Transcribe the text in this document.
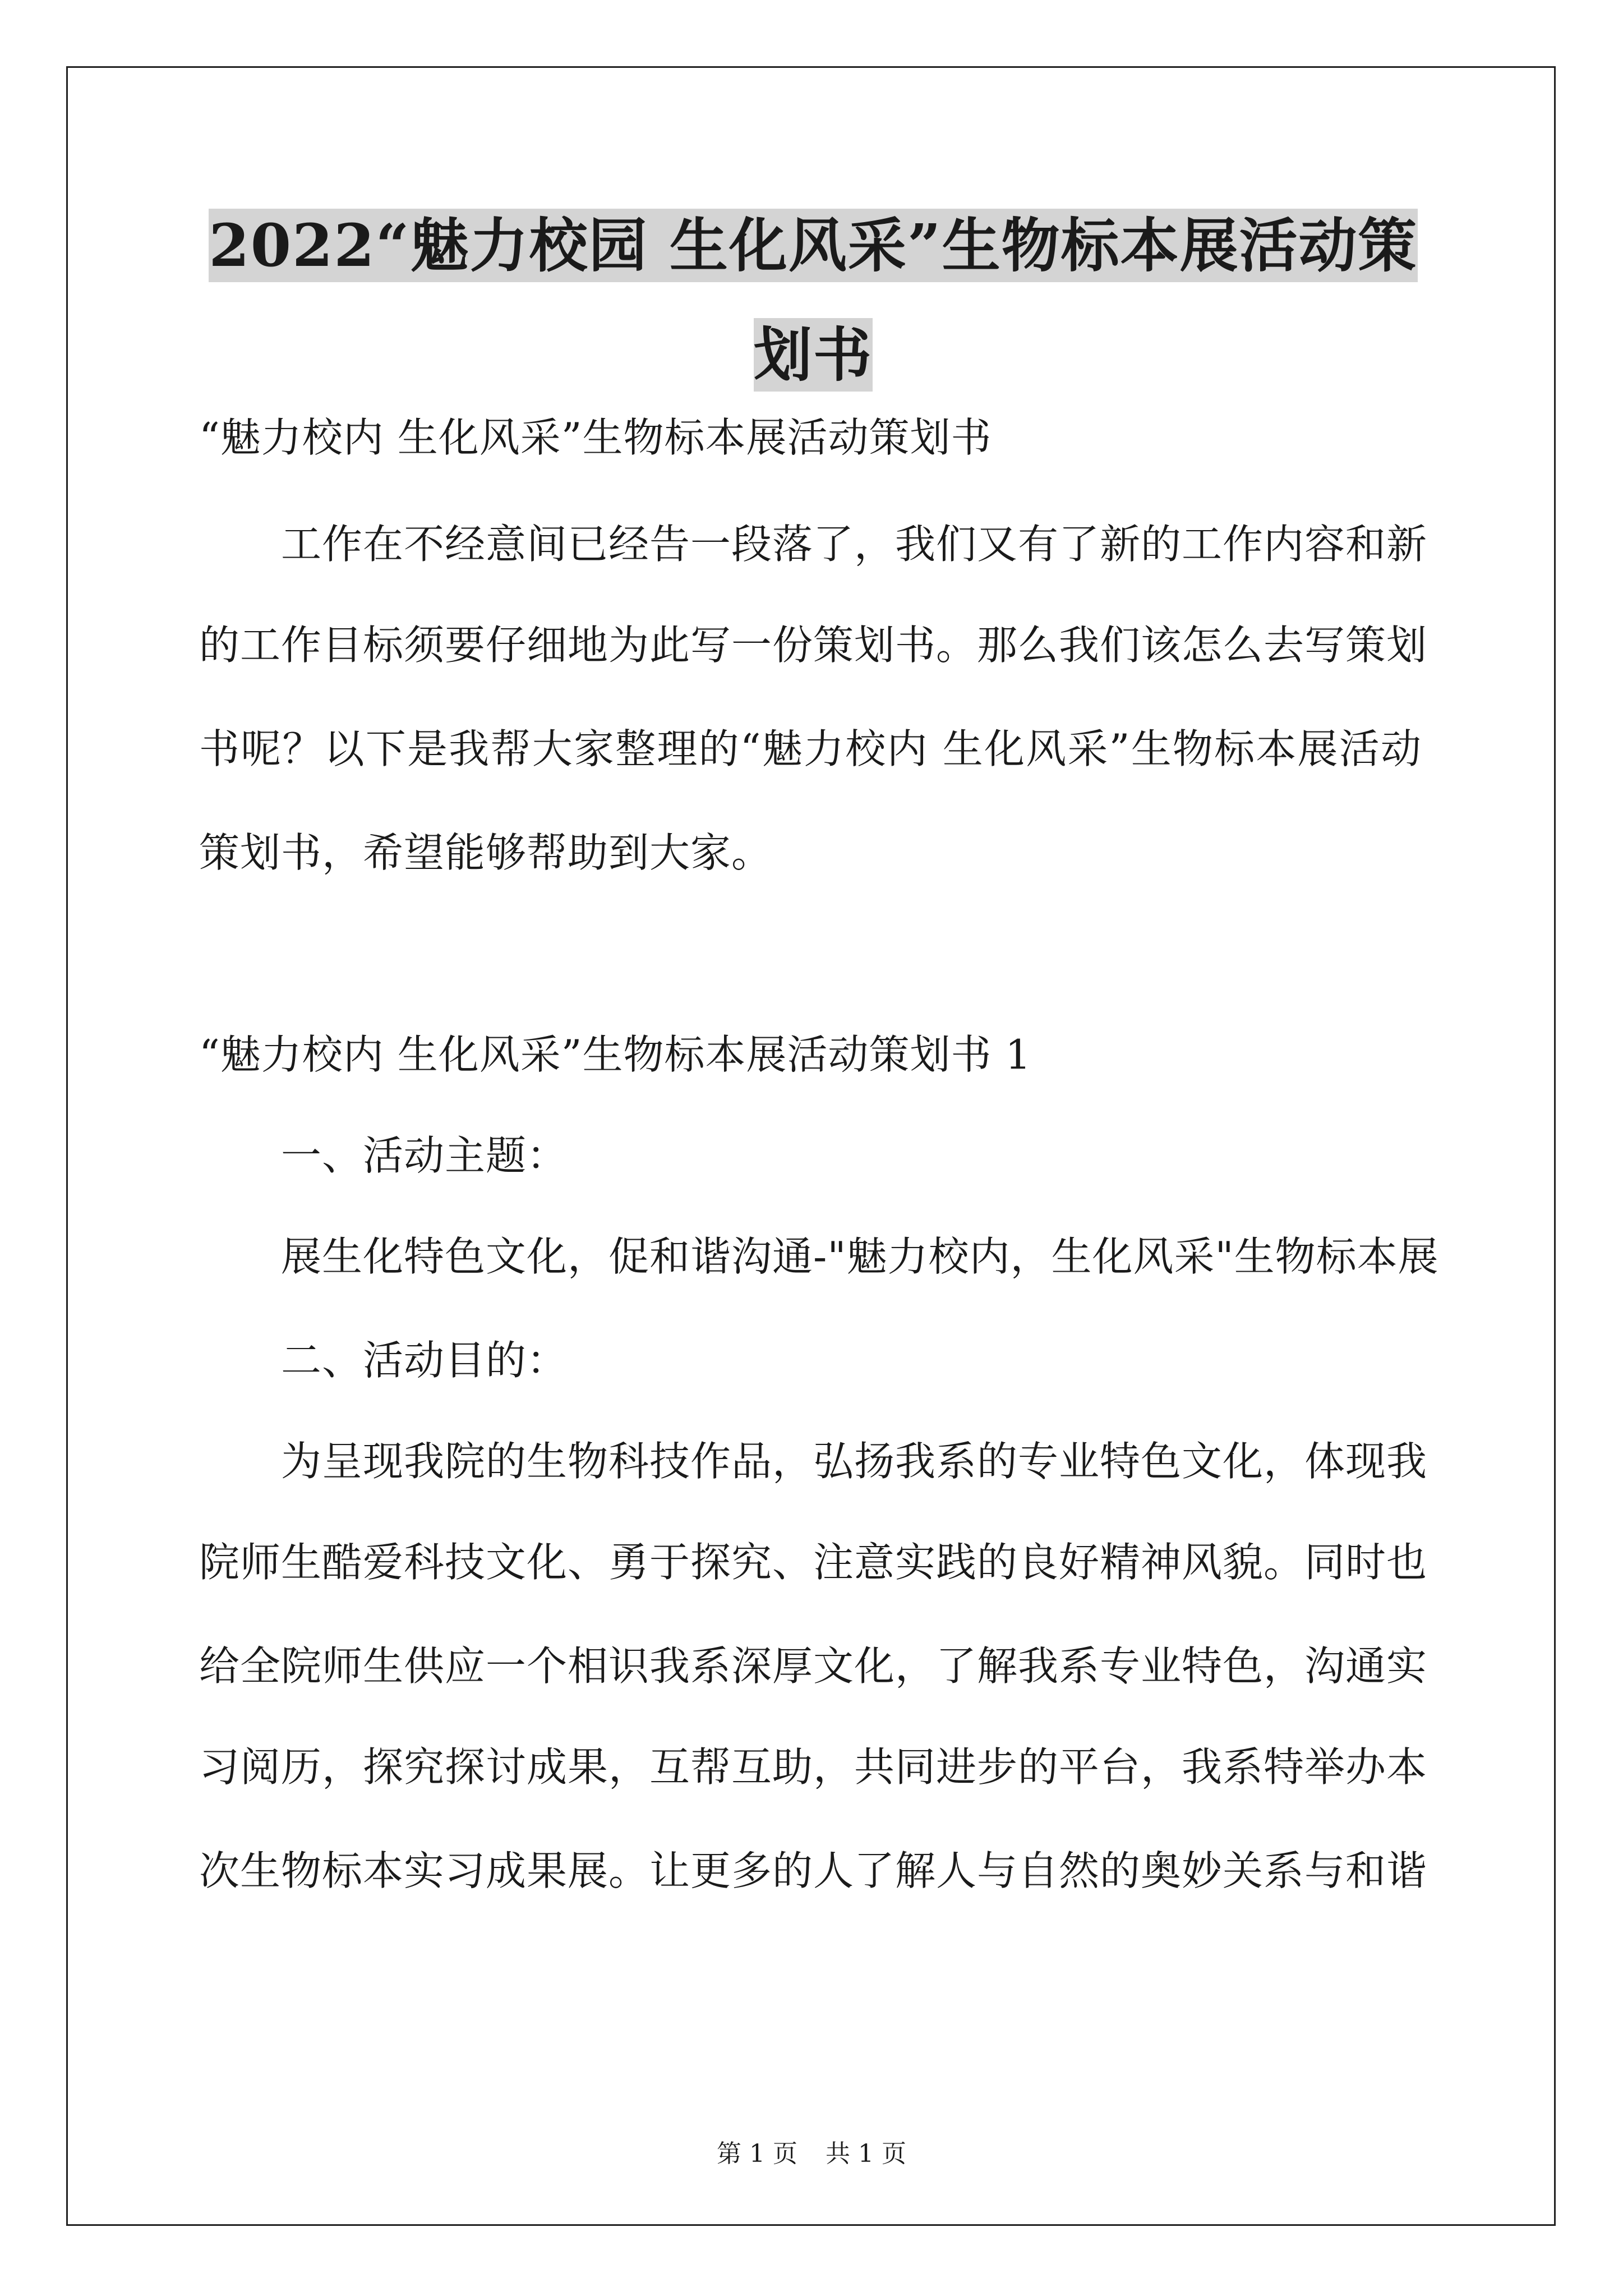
2022“魅力校园 生化风采”生物标本展活动策划书
“魅力校内 生化风采”生物标本展活动策划书
　　工作在不经意间已经告一段落了，我们又有了新的工作内容和新
的工作目标须要仔细地为此写一份策划书。那么我们该怎么去写策划
书呢？以下是我帮大家整理的“魅力校内 生化风采”生物标本展活动
策划书，希望能够帮助到大家。
“魅力校内 生化风采”生物标本展活动策划书 1
　　一、活动主题：
　　展生化特色文化，促和谐沟通-"魅力校内，生化风采"生物标本展
　　二、活动目的：
　　为呈现我院的生物科技作品，弘扬我系的专业特色文化，体现我
院师生酷爱科技文化、勇于探究、注意实践的良好精神风貌。同时也
给全院师生供应一个相识我系深厚文化，了解我系专业特色，沟通实
习阅历，探究探讨成果，互帮互助，共同进步的平台，我系特举办本
次生物标本实习成果展。让更多的人了解人与自然的奥妙关系与和谐
第 1 页 共 1 页
